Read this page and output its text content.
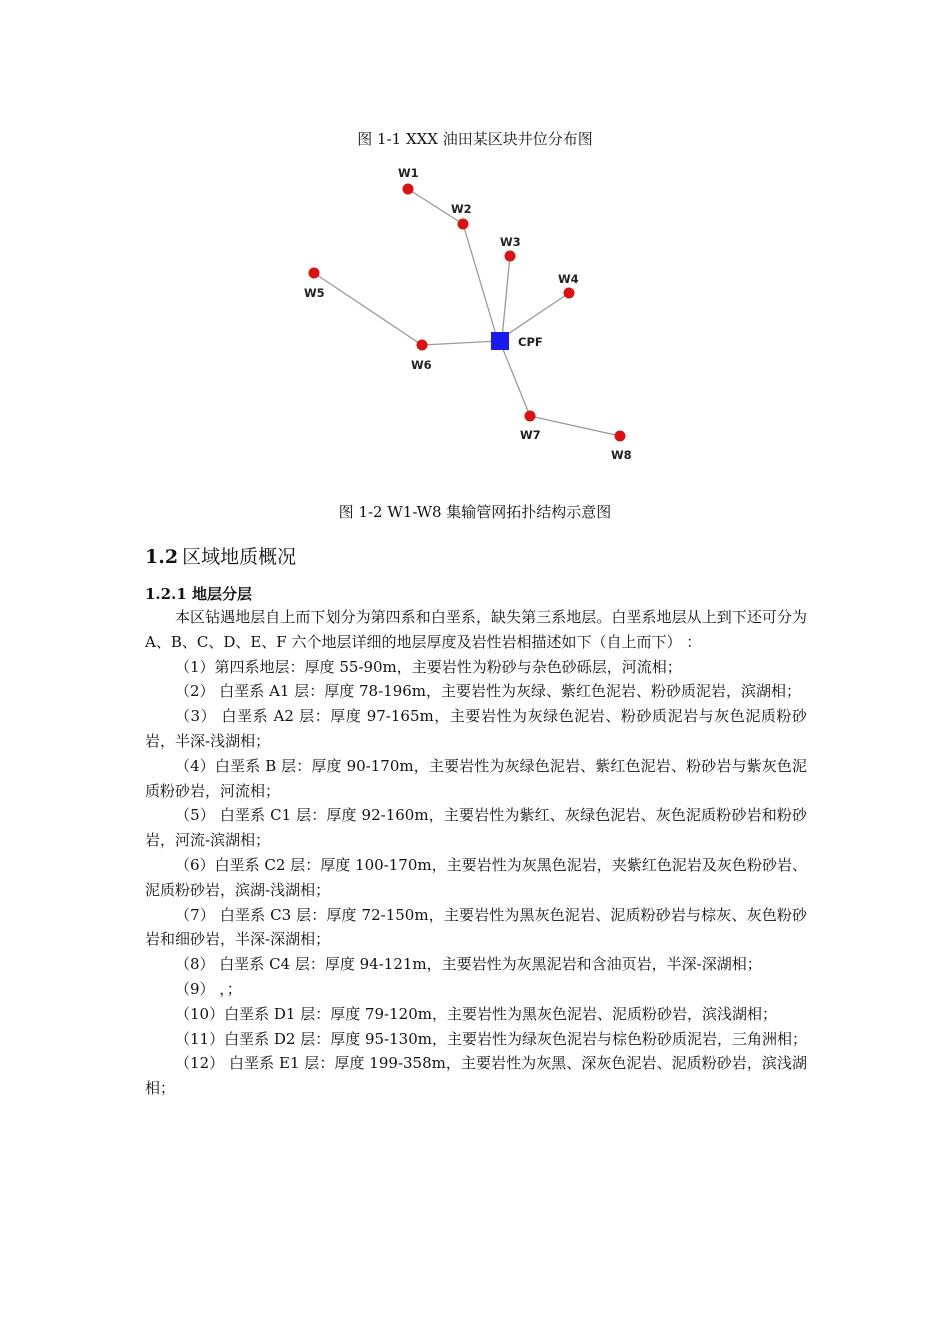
图 1-1 XXX 油田某区块井位分布图
W1
W2
W3
W4
W5
W6
W7
W8
CPF
图 1-2 W1-W8 集输管网拓扑结构示意图
1.2 区域地质概况
1.2.1 地层分层

本区钻遇地层自上而下划分为第四系和白垩系，缺失第三系地层。白垩系地层从上到下还可分为 A、B、C、D、E、F 六个地层详细的地层厚度及岩性岩相描述如下（自上而下） ：

（1）第四系地层：厚度 55-90m，主要岩性为粉砂与杂色砂砾层，河流相；

（2） 白垩系 A1 层：厚度 78-196m，主要岩性为灰绿、紫红色泥岩、粉砂质泥岩，滨湖相；

（3） 白垩系 A2 层：厚度 97-165m，主要岩性为灰绿色泥岩、粉砂质泥岩与灰色泥质粉砂岩，半深-浅湖相；

（4）白垩系 B 层：厚度 90-170m，主要岩性为灰绿色泥岩、紫红色泥岩、粉砂岩与紫灰色泥质粉砂岩，河流相；

（5） 白垩系 C1 层：厚度 92-160m，主要岩性为紫红、灰绿色泥岩、灰色泥质粉砂岩和粉砂岩，河流-滨湖相；

（6）白垩系 C2 层：厚度 100-170m，主要岩性为灰黑色泥岩，夹紫红色泥岩及灰色粉砂岩、泥质粉砂岩，滨湖-浅湖相；

（7） 白垩系 C3 层：厚度 72-150m，主要岩性为黑灰色泥岩、泥质粉砂岩与棕灰、灰色粉砂岩和细砂岩，半深-深湖相；

（8） 白垩系 C4 层：厚度 94-121m，主要岩性为灰黑泥岩和含油页岩，半深-深湖相；

（9） ，；

（10）白垩系 D1 层：厚度 79-120m，主要岩性为黑灰色泥岩、泥质粉砂岩，滨浅湖相；

（11）白垩系 D2 层：厚度 95-130m，主要岩性为绿灰色泥岩与棕色粉砂质泥岩，三角洲相；

（12） 白垩系 E1 层：厚度 199-358m，主要岩性为灰黑、深灰色泥岩、泥质粉砂岩，滨浅湖相；
